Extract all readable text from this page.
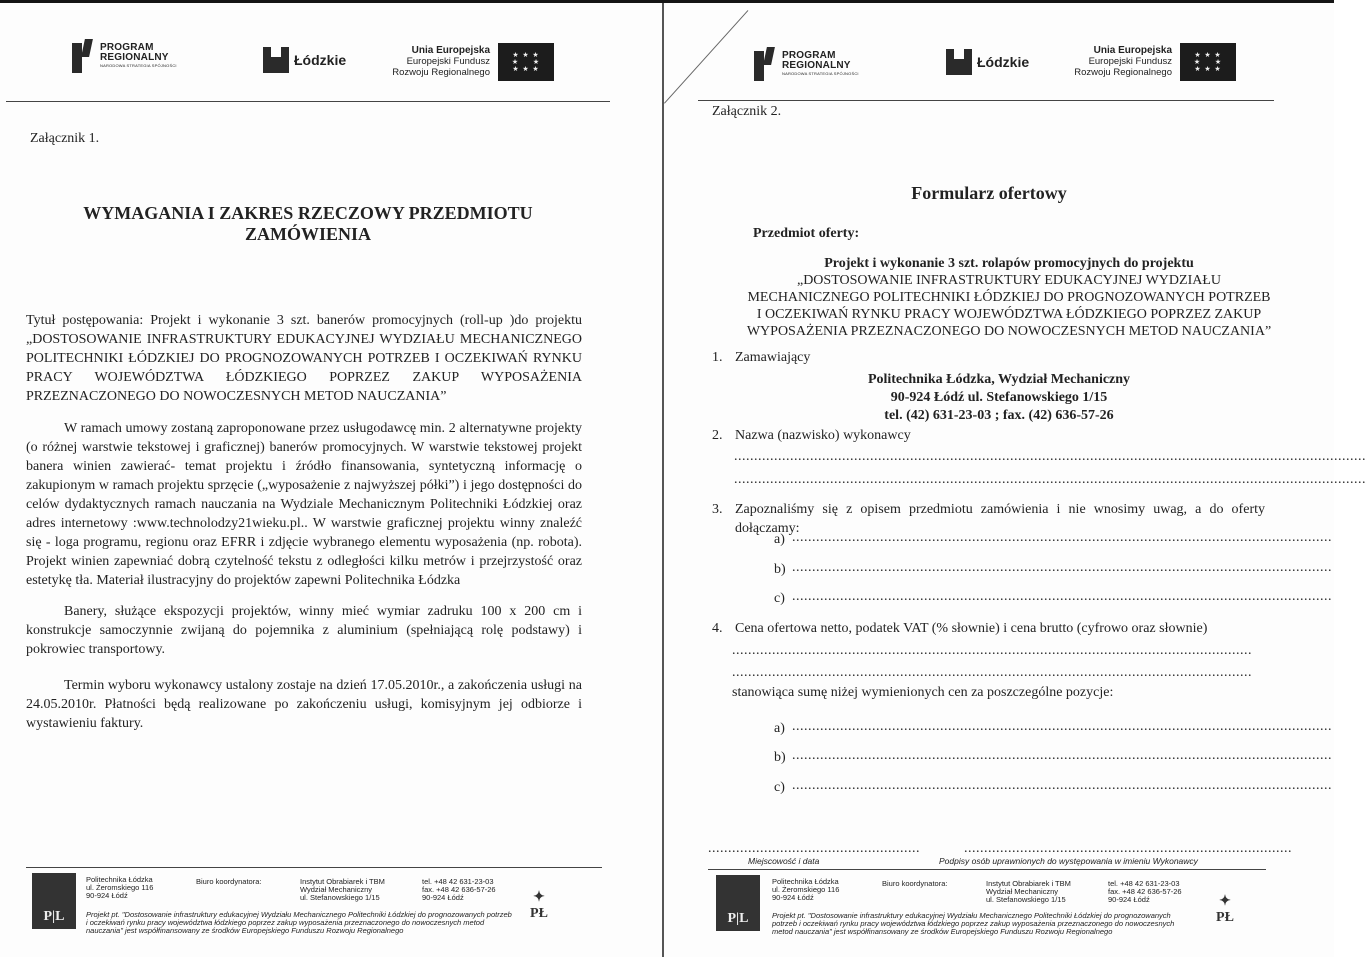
PROGRAM
REGIONALNY
NARODOWA STRATEGIA SPÓJNOŚCI	Łódzkie
Unia Europejska
Europejski Fundusz
Rozwoju Regionalnego
★ ★ ★
★     ★
★ ★ ★
Załącznik 1.
WYMAGANIA I ZAKRES RZECZOWY PRZEDMIOTU
ZAMÓWIENIA
Tytuł postępowania: Projekt i wykonanie 3 szt. banerów promocyjnych (roll-up )do projektu „DOSTOSOWANIE INFRASTRUKTURY EDUKACYJNEJ WYDZIAŁU MECHANICZNEGO POLITECHNIKI ŁÓDZKIEJ DO PROGNOZOWANYCH POTRZEB I OCZEKIWAŃ RYNKU PRACY WOJEWÓDZTWA ŁÓDZKIEGO POPRZEZ ZAKUP WYPOSAŻENIA PRZEZNACZONEGO DO NOWOCZESNYCH METOD NAUCZANIA”
W ramach umowy zostaną zaproponowane przez usługodawcę min. 2 alternatywne projekty (o różnej warstwie tekstowej i graficznej) banerów promocyjnych. W warstwie tekstowej projekt banera winien zawierać- temat projektu i źródło finansowania, syntetyczną informację o zakupionym w ramach projektu sprzęcie („wyposażenie z najwyższej półki”) i jego dostępności do celów dydaktycznych ramach nauczania na Wydziale Mechanicznym Politechniki Łódzkiej oraz adres internetowy :www.technolodzy21wieku.pl.. W warstwie graficznej projektu winny znaleźć się - loga programu, regionu oraz EFRR i zdjęcie wybranego elementu wyposażenia (np. robota). Projekt winien zapewniać dobrą czytelność tekstu z odległości kilku metrów i przejrzystość oraz estetykę tła. Materiał ilustracyjny do projektów zapewni Politechnika Łódzka
Banery, służące ekspozycji projektów, winny mieć wymiar zadruku 100 x 200 cm i konstrukcje samoczynnie zwijaną do pojemnika z aluminium (spełniającą rolę podstawy) i pokrowiec transportowy.
Termin wyboru wykonawcy ustalony zostaje na dzień 17.05.2010r., a zakończenia usługi na 24.05.2010r. Płatności będą realizowane po zakończeniu usługi, komisyjnym jej odbiorze i wystawieniu faktury.
P|L
Politechnika Łódzka
ul. Żeromskiego 116
90-924 Łódź
Biuro koordynatora:	Instytut Obrabiarek i TBM
Wydział Mechaniczny
ul. Stefanowskiego 1/15
tel. +48 42 631-23-03
fax. +48 42 636-57-26
90-924 Łódź
Projekt pt. "Dostosowanie infrastruktury edukacyjnej Wydziału Mechanicznego Politechniki Łódzkiej do prognozowanych potrzeb i oczekiwań rynku pracy województwa łódzkiego poprzez zakup wyposażenia przeznaczonego do nowoczesnych metod nauczania" jest współfinansowany ze środków Europejskiego Funduszu Rozwoju Regionalnego
✦
PŁ
PROGRAM
REGIONALNY
NARODOWA STRATEGIA SPÓJNOŚCI
Łódzkie
Unia Europejska
Europejski Fundusz
Rozwoju Regionalnego
★ ★ ★
★     ★
★ ★ ★
Załącznik 2.
Formularz ofertowy
Przedmiot oferty:
Projekt i wykonanie 3 szt. rolapów promocyjnych do projektu
„DOSTOSOWANIE INFRASTRUKTURY EDUKACYJNEJ WYDZIAŁU
MECHANICZNEGO POLITECHNIKI ŁÓDZKIEJ DO PROGNOZOWANYCH POTRZEB
I OCZEKIWAŃ RYNKU PRACY WOJEWÓDZTWA ŁÓDZKIEGO POPRZEZ ZAKUP
WYPOSAŻENIA PRZEZNACZONEGO DO NOWOCZESNYCH METOD NAUCZANIA”
1. Zamawiający
Politechnika Łódzka, Wydział Mechaniczny
90-924 Łódź ul. Stefanowskiego 1/15
tel. (42) 631-23-03 ; fax. (42) 636-57-26
2. Nazwa (nazwisko) wykonawcy
..............................................................................................................................................................
..............................................................................................................................................................
3. Zapoznaliśmy się z opisem przedmiotu zamówienia i nie wnosimy uwag, a do oferty dołączamy:
a) .......................................................................................................................................
b) .......................................................................................................................................
c) .......................................................................................................................................
4. Cena ofertowa netto, podatek VAT (% słownie) i cena brutto (cyfrowo oraz słownie)
..................................................................................................................................
..................................................................................................................................
stanowiąca sumę niżej wymienionych cen za poszczególne pozycje:
a) .......................................................................................................................................
b) .......................................................................................................................................
c) .......................................................................................................................................
.....................................................	..................................................................................
Miejscowość i data	Podpisy osób uprawnionych do występowania w imieniu Wykonawcy
P|L
Politechnika Łódzka
ul. Żeromskiego 116
90-924 Łódź
Biuro koordynatora:	Instytut Obrabiarek i TBM
Wydział Mechaniczny
ul. Stefanowskiego 1/15
tel. +48 42 631-23-03
fax. +48 42 636-57-26
90-924 Łódź
Projekt pt. "Dostosowanie infrastruktury edukacyjnej Wydziału Mechanicznego Politechniki Łódzkiej do prognozowanych potrzeb i oczekiwań rynku pracy województwa łódzkiego poprzez zakup wyposażenia przeznaczonego do nowoczesnych metod nauczania" jest współfinansowany ze środków Europejskiego Funduszu Rozwoju Regionalnego
✦
PŁ
